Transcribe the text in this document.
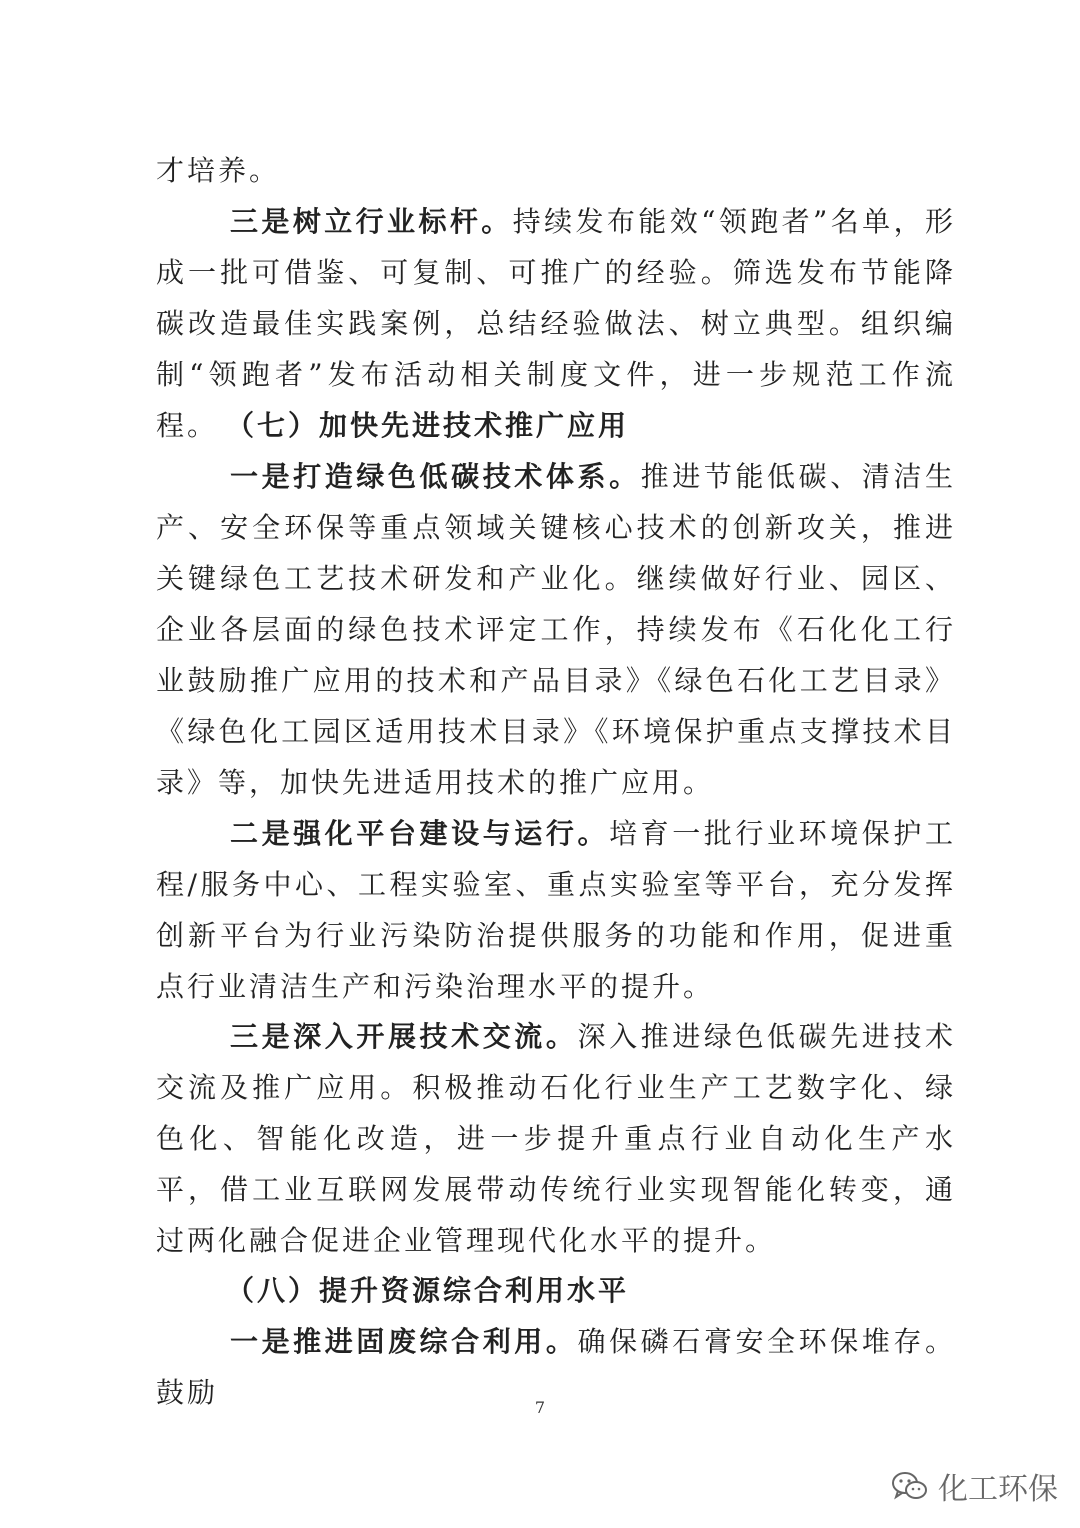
才培养。

三是树立行业标杆。持续发布能效“领跑者”名单，形成一批可借鉴、可复制、可推广的经验。筛选发布节能降碳改造最佳实践案例，总结经验做法、树立典型。组织编制“领跑者”发布活动相关制度文件，进一步规范工作流程。 （七）加快先进技术推广应用

一是打造绿色低碳技术体系。推进节能低碳、清洁生产、安全环保等重点领域关键核心技术的创新攻关，推进关键绿色工艺技术研发和产业化。继续做好行业、园区、企业各层面的绿色技术评定工作，持续发布《石化化工行业鼓励推广应用的技术和产品目录》《绿色石化工艺目录》《绿色化工园区适用技术目录》《环境保护重点支撑技术目录》等，加快先进适用技术的推广应用。

二是强化平台建设与运行。培育一批行业环境保护工程/服务中心、工程实验室、重点实验室等平台，充分发挥创新平台为行业污染防治提供服务的功能和作用，促进重点行业清洁生产和污染治理水平的提升。

三是深入开展技术交流。深入推进绿色低碳先进技术交流及推广应用。积极推动石化行业生产工艺数字化、绿色化、智能化改造，进一步提升重点行业自动化生产水平，借工业互联网发展带动传统行业实现智能化转变，通过两化融合促进企业管理现代化水平的提升。

（八）提升资源综合利用水平

一是推进固废综合利用。确保磷石膏安全环保堆存。鼓励	7
化工环保
